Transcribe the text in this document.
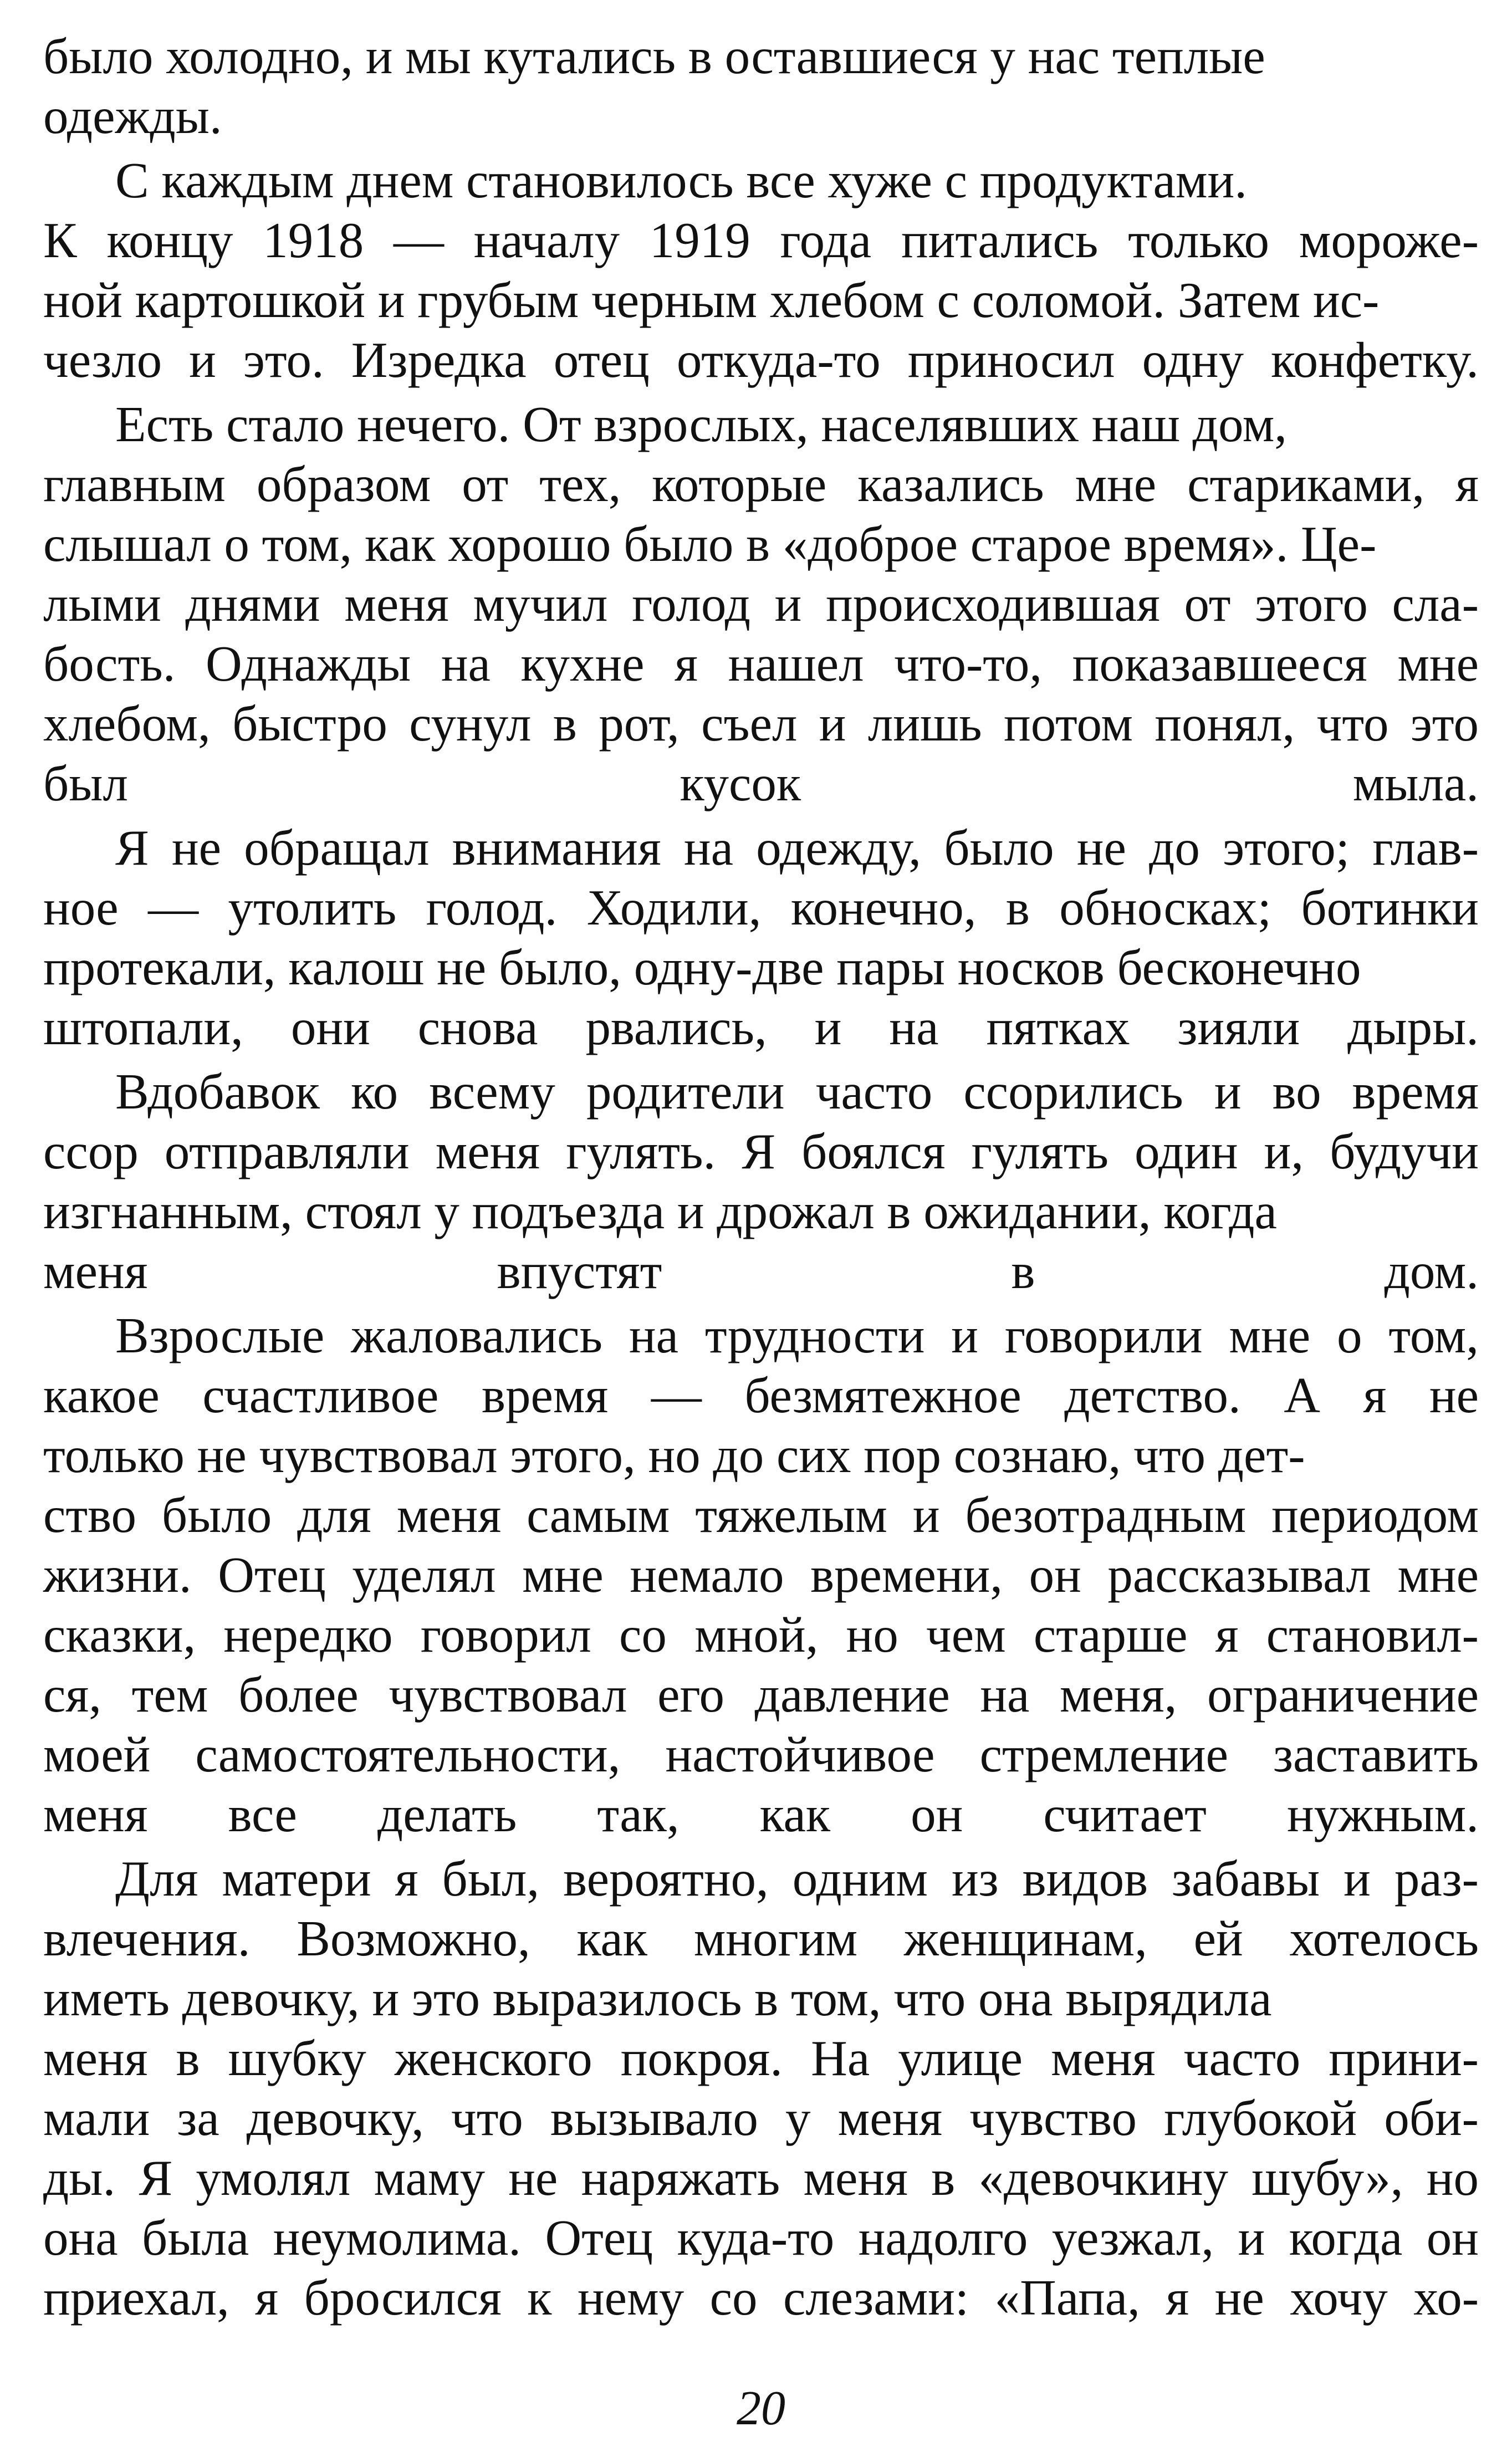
было холодно, и мы кутались в оставшиеся у нас теплые
одежды.
С каждым днем становилось все хуже с продуктами.
К концу 1918 — началу 1919 года питались только мороже-
ной картошкой и грубым черным хлебом с соломой. Затем ис-
чезло и это. Изредка отец откуда-то приносил одну конфетку.
Есть стало нечего. От взрослых, населявших наш дом,
главным образом от тех, которые казались мне стариками, я
слышал о том, как хорошо было в «доброе старое время». Це-
лыми днями меня мучил голод и происходившая от этого сла-
бость. Однажды на кухне я нашел что-то, показавшееся мне
хлебом, быстро сунул в рот, съел и лишь потом понял, что это
был кусок мыла.
Я не обращал внимания на одежду, было не до этого; глав-
ное — утолить голод. Ходили, конечно, в обносках; ботинки
протекали, калош не было, одну-две пары носков бесконечно
штопали, они снова рвались, и на пятках зияли дыры.
Вдобавок ко всему родители часто ссорились и во время
ссор отправляли меня гулять. Я боялся гулять один и, будучи
изгнанным, стоял у подъезда и дрожал в ожидании, когда
меня впустят в дом.
Взрослые жаловались на трудности и говорили мне о том,
какое счастливое время — безмятежное детство. А я не
только не чувствовал этого, но до сих пор сознаю, что дет-
ство было для меня самым тяжелым и безотрадным периодом
жизни. Отец уделял мне немало времени, он рассказывал мне
сказки, нередко говорил со мной, но чем старше я становил-
ся, тем более чувствовал его давление на меня, ограничение
моей самостоятельности, настойчивое стремление заставить
меня все делать так, как он считает нужным.
Для матери я был, вероятно, одним из видов забавы и раз-
влечения. Возможно, как многим женщинам, ей хотелось
иметь девочку, и это выразилось в том, что она вырядила
меня в шубку женского покроя. На улице меня часто прини-
мали за девочку, что вызывало у меня чувство глубокой оби-
ды. Я умолял маму не наряжать меня в «девочкину шубу», но
она была неумолима. Отец куда-то надолго уезжал, и когда он
приехал, я бросился к нему со слезами: «Папа, я не хочу хо-
20
